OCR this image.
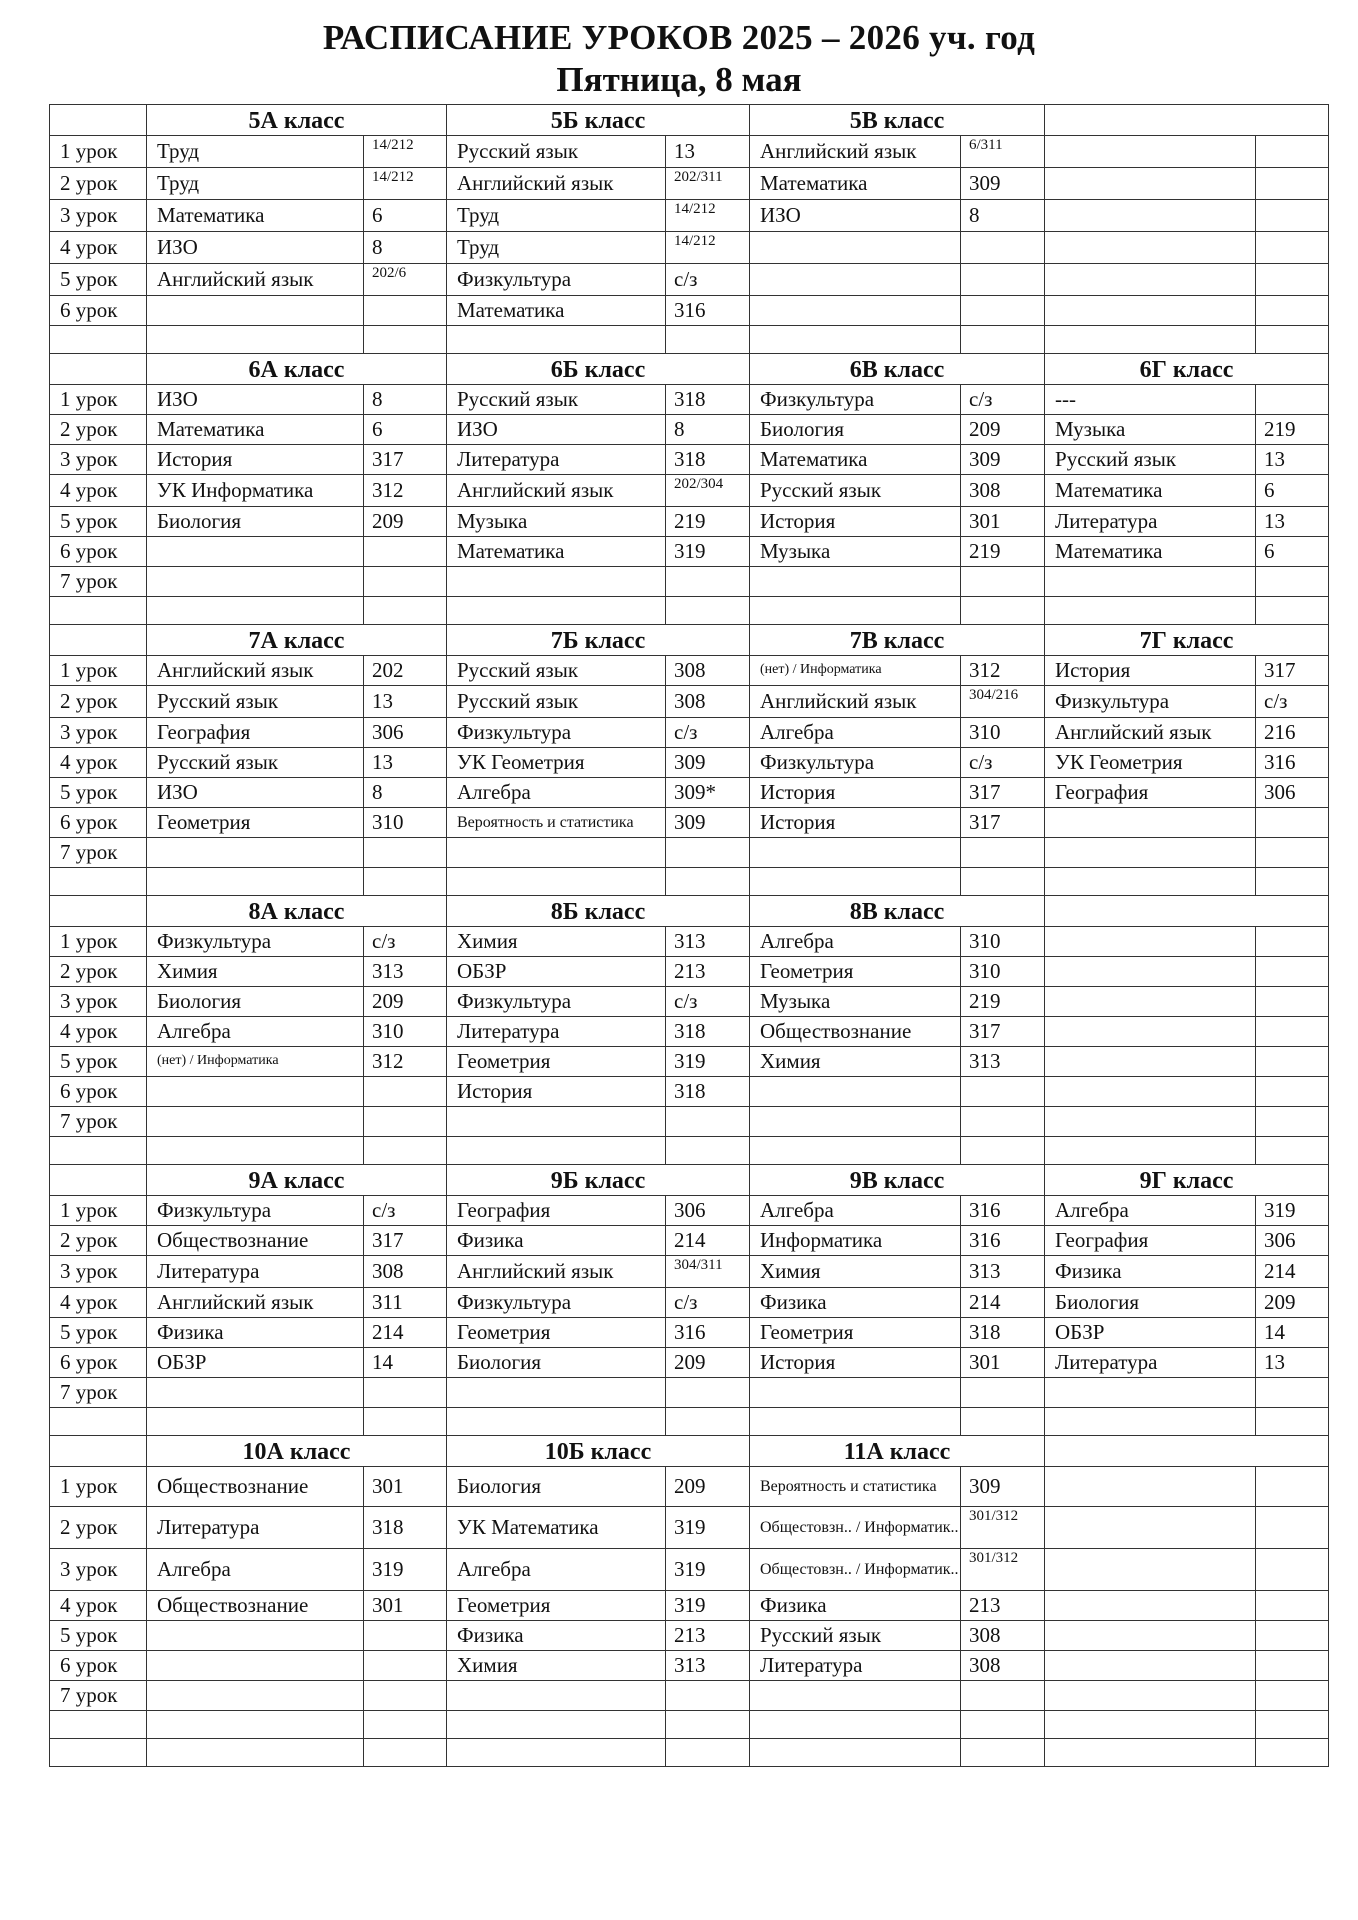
РАСПИСАНИЕ УРОКОВ 2025 – 2026 уч. год
Пятница, 8 мая
	5А класс		5Б класс		5В класс			
1 урок	Труд	14/212	Русский язык	13	Английский язык	6/311		
2 урок	Труд	14/212	Английский язык	202/311	Математика	309		
3 урок	Математика	6	Труд	14/212	ИЗО	8		
4 урок	ИЗО	8	Труд	14/212				
5 урок	Английский язык	202/6	Физкультура	с/з				
6 урок			Математика	316				

	6А класс		6Б класс		6В класс		6Г класс	
1 урок	ИЗО	8	Русский язык	318	Физкультура	с/з	---	
2 урок	Математика	6	ИЗО	8	Биология	209	Музыка	219
3 урок	История	317	Литература	318	Математика	309	Русский язык	13
4 урок	УК Информатика	312	Английский язык	202/304	Русский язык	308	Математика	6
5 урок	Биология	209	Музыка	219	История	301	Литература	13
6 урок			Математика	319	Музыка	219	Математика	6
7 урок								

	7А класс		7Б класс		7В класс		7Г класс	
1 урок	Английский язык	202	Русский язык	308	(нет) / Информатика	312	История	317
2 урок	Русский язык	13	Русский язык	308	Английский язык	304/216	Физкультура	с/з
3 урок	География	306	Физкультура	с/з	Алгебра	310	Английский язык	216
4 урок	Русский язык	13	УК Геометрия	309	Физкультура	с/з	УК Геометрия	316
5 урок	ИЗО	8	Алгебра	309*	История	317	География	306
6 урок	Геометрия	310	Вероятность и статистика	309	История	317		
7 урок								

	8А класс		8Б класс		8В класс			
1 урок	Физкультура	с/з	Химия	313	Алгебра	310		
2 урок	Химия	313	ОБЗР	213	Геометрия	310		
3 урок	Биология	209	Физкультура	с/з	Музыка	219		
4 урок	Алгебра	310	Литература	318	Обществознание	317		
5 урок	(нет) / Информатика	312	Геометрия	319	Химия	313		
6 урок			История	318				
7 урок								

	9А класс		9Б класс		9В класс		9Г класс	
1 урок	Физкультура	с/з	География	306	Алгебра	316	Алгебра	319
2 урок	Обществознание	317	Физика	214	Информатика	316	География	306
3 урок	Литература	308	Английский язык	304/311	Химия	313	Физика	214
4 урок	Английский язык	311	Физкультура	с/з	Физика	214	Биология	209
5 урок	Физика	214	Геометрия	316	Геометрия	318	ОБЗР	14
6 урок	ОБЗР	14	Биология	209	История	301	Литература	13
7 урок								

	10А класс		10Б класс		11А класс			
1 урок	Обществознание	301	Биология	209	Вероятность и статистика	309		
2 урок	Литература	318	УК Математика	319	Общестовзн.. / Информатик..	301/312		
3 урок	Алгебра	319	Алгебра	319	Общестовзн.. / Информатик..	301/312		
4 урок	Обществознание	301	Геометрия	319	Физика	213		
5 урок			Физика	213	Русский язык	308		
6 урок			Химия	313	Литература	308		
7 урок								
